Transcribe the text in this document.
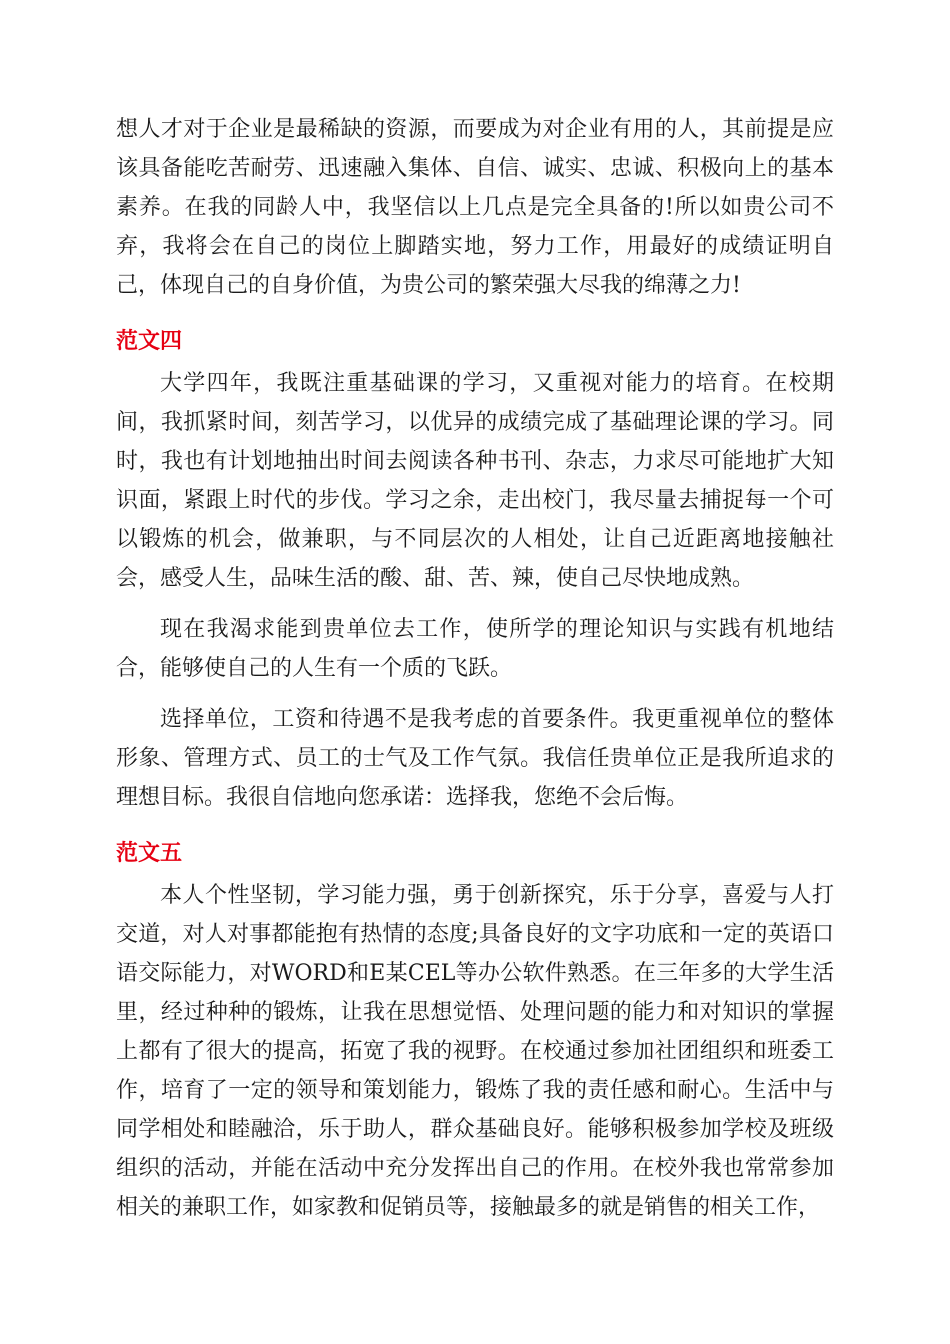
想人才对于企业是最稀缺的资源，而要成为对企业有用的人，其前提是应该具备能吃苦耐劳、迅速融入集体、自信、诚实、忠诚、积极向上的基本素养。在我的同龄人中，我坚信以上几点是完全具备的!所以如贵公司不弃，我将会在自己的岗位上脚踏实地，努力工作，用最好的成绩证明自己，体现自己的自身价值，为贵公司的繁荣强大尽我的绵薄之力!

范文四

大学四年，我既注重基础课的学习，又重视对能力的培育。在校期间，我抓紧时间，刻苦学习，以优异的成绩完成了基础理论课的学习。同时，我也有计划地抽出时间去阅读各种书刊、杂志，力求尽可能地扩大知识面，紧跟上时代的步伐。学习之余，走出校门，我尽量去捕捉每一个可以锻炼的机会，做兼职，与不同层次的人相处，让自己近距离地接触社会，感受人生，品味生活的酸、甜、苦、辣，使自己尽快地成熟。

现在我渴求能到贵单位去工作，使所学的理论知识与实践有机地结合，能够使自己的人生有一个质的飞跃。

选择单位，工资和待遇不是我考虑的首要条件。我更重视单位的整体形象、管理方式、员工的士气及工作气氛。我信任贵单位正是我所追求的理想目标。我很自信地向您承诺：选择我，您绝不会后悔。

范文五

本人个性坚韧，学习能力强，勇于创新探究，乐于分享，喜爱与人打交道，对人对事都能抱有热情的态度;具备良好的文字功底和一定的英语口语交际能力，对WORD和E某CEL等办公软件熟悉。在三年多的大学生活里，经过种种的锻炼，让我在思想觉悟、处理问题的能力和对知识的掌握上都有了很大的提高，拓宽了我的视野。在校通过参加社团组织和班委工作，培育了一定的领导和策划能力，锻炼了我的责任感和耐心。生活中与同学相处和睦融洽，乐于助人，群众基础良好。能够积极参加学校及班级组织的活动，并能在活动中充分发挥出自己的作用。在校外我也常常参加相关的兼职工作，如家教和促销员等，接触最多的就是销售的相关工作，
